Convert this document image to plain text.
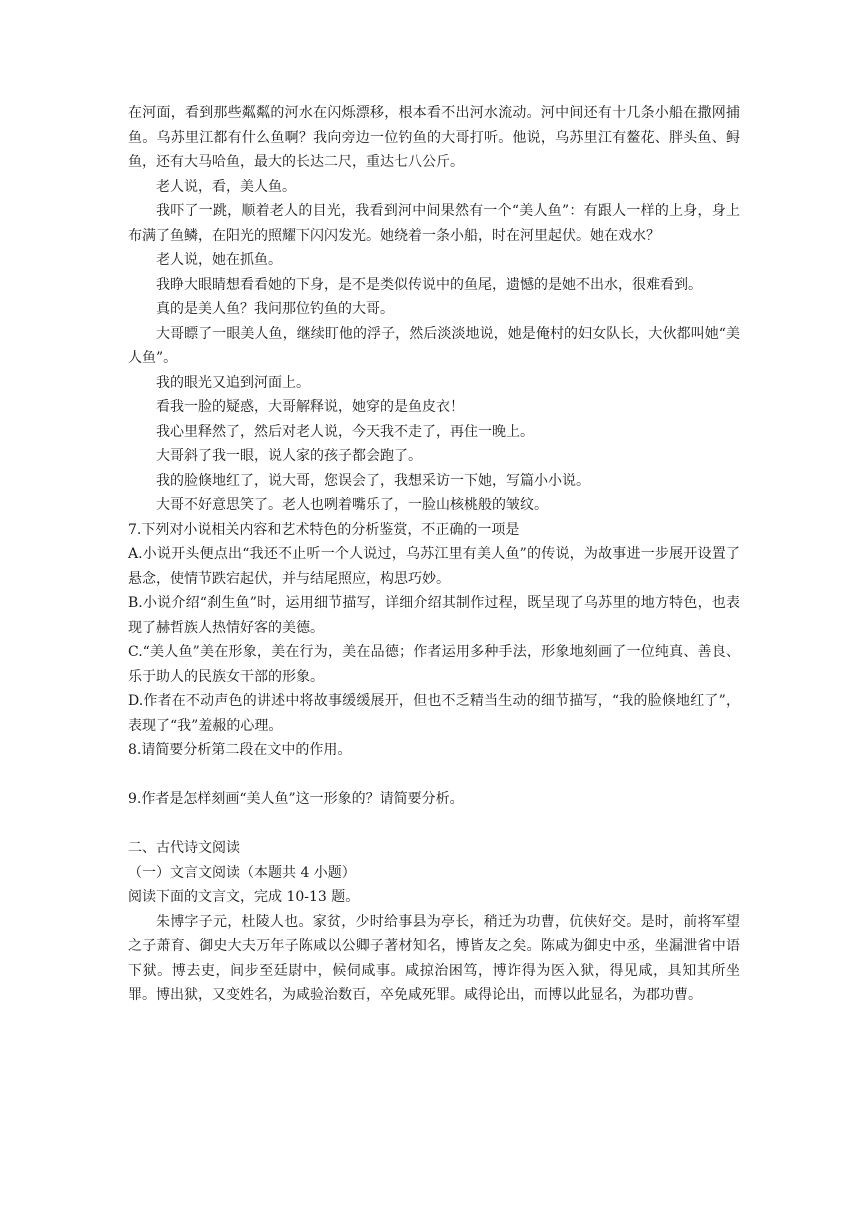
在河面，看到那些粼粼的河水在闪烁漂移，根本看不出河水流动。河中间还有十几条小船在撒网捕鱼。乌苏里江都有什么鱼啊？我向旁边一位钓鱼的大哥打听。他说，乌苏里江有鳌花、胖头鱼、鲟鱼，还有大马哈鱼，最大的长达二尺，重达七八公斤。

老人说，看，美人鱼。

我吓了一跳，顺着老人的目光，我看到河中间果然有一个“美人鱼”：有跟人一样的上身，身上布满了鱼鳞，在阳光的照耀下闪闪发光。她绕着一条小船，时在河里起伏。她在戏水？

老人说，她在抓鱼。

我睁大眼睛想看看她的下身，是不是类似传说中的鱼尾，遗憾的是她不出水，很难看到。

真的是美人鱼？我问那位钓鱼的大哥。

大哥瞟了一眼美人鱼，继续盯他的浮子，然后淡淡地说，她是俺村的妇女队长，大伙都叫她“美人鱼”。

我的眼光又追到河面上。

看我一脸的疑惑，大哥解释说，她穿的是鱼皮衣！

我心里释然了，然后对老人说，今天我不走了，再住一晚上。

大哥斜了我一眼，说人家的孩子都会跑了。

我的脸倏地红了，说大哥，您误会了，我想采访一下她，写篇小小说。

大哥不好意思笑了。老人也咧着嘴乐了，一脸山核桃般的皱纹。

7.下列对小说相关内容和艺术特色的分析鉴赏，不正确的一项是

A.小说开头便点出“我还不止听一个人说过，乌苏江里有美人鱼”的传说，为故事进一步展开设置了悬念，使情节跌宕起伏，并与结尾照应，构思巧妙。

B.小说介绍“刹生鱼”时，运用细节描写，详细介绍其制作过程，既呈现了乌苏里的地方特色，也表现了赫哲族人热情好客的美德。

C.“美人鱼”美在形象，美在行为，美在品德；作者运用多种手法，形象地刻画了一位纯真、善良、乐于助人的民族女干部的形象。

D.作者在不动声色的讲述中将故事缓缓展开，但也不乏精当生动的细节描写，“我的脸倏地红了”，表现了“我”羞赧的心理。

8.请简要分析第二段在文中的作用。

9.作者是怎样刻画“美人鱼”这一形象的？请简要分析。

二、古代诗文阅读

（一）文言文阅读（本题共 4 小题）

阅读下面的文言文，完成 10-13 题。

朱博字子元，杜陵人也。家贫，少时给事县为亭长，稍迁为功曹，伉侠好交。是时，前将军望之子萧育、御史大夫万年子陈咸以公卿子著材知名，博皆友之矣。陈咸为御史中丞，坐漏泄省中语下狱。博去吏，间步至廷尉中，候伺咸事。咸掠治困笃，博诈得为医入狱，得见咸，具知其所坐罪。博出狱，又变姓名，为咸验治数百，卒免咸死罪。咸得论出，而博以此显名，为郡功曹。
